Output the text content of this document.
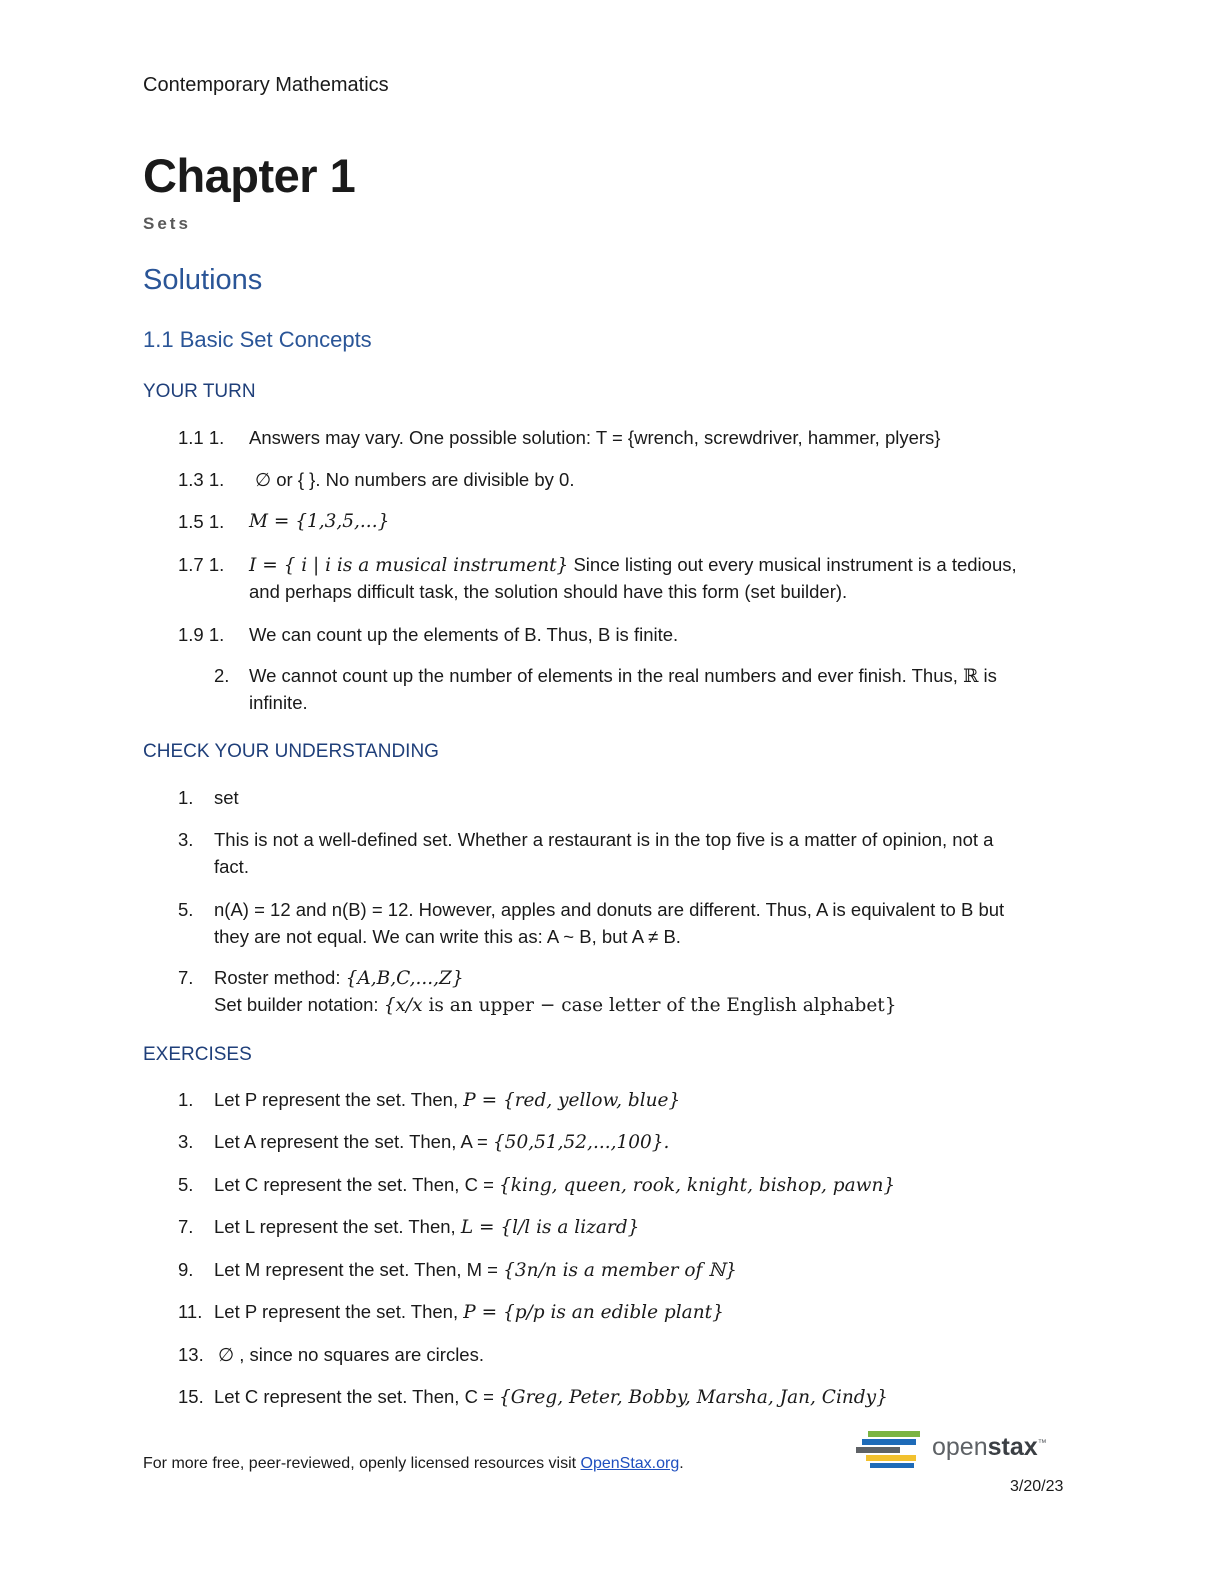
Contemporary Mathematics
Chapter 1
Sets
Solutions
1.1 Basic Set Concepts
YOUR TURN
1.1 1. Answers may vary. One possible solution: T = {wrench, screwdriver, hammer, plyers}
1.3 1. ∅ or { }. No numbers are divisible by 0.
1.5 1. M = {1,3,5,...}
1.7 1. I = { i | i is a musical instrument} Since listing out every musical instrument is a tedious,
and perhaps difficult task, the solution should have this form (set builder).
1.9 1. We can count up the elements of B. Thus, B is finite.
2. We cannot count up the number of elements in the real numbers and ever finish. Thus, ℝ is
infinite.
CHECK YOUR UNDERSTANDING
1. set
3. This is not a well-defined set. Whether a restaurant is in the top five is a matter of opinion, not a
fact.
5. n(A) = 12 and n(B) = 12. However, apples and donuts are different. Thus, A is equivalent to B but
they are not equal. We can write this as: A ~ B, but A ≠ B.
7. Roster method: {A,B,C,...,Z}
Set builder notation: {x/x is an upper − case letter of the English alphabet}
EXERCISES
1. Let P represent the set. Then, P = {red, yellow, blue}
3. Let A represent the set. Then, A = {50,51,52,...,100}.
5. Let C represent the set. Then, C = {king, queen, rook, knight, bishop, pawn}
7. Let L represent the set. Then, L = {l/l is a lizard}
9. Let M represent the set. Then, M = {3n/n is a member of ℕ}
11. Let P represent the set. Then, P = {p/p is an edible plant}
13. ∅ , since no squares are circles.
15. Let C represent the set. Then, C = {Greg, Peter, Bobby, Marsha, Jan, Cindy}
For more free, peer-reviewed, openly licensed resources visit OpenStax.org.
openstax™
3/20/23
